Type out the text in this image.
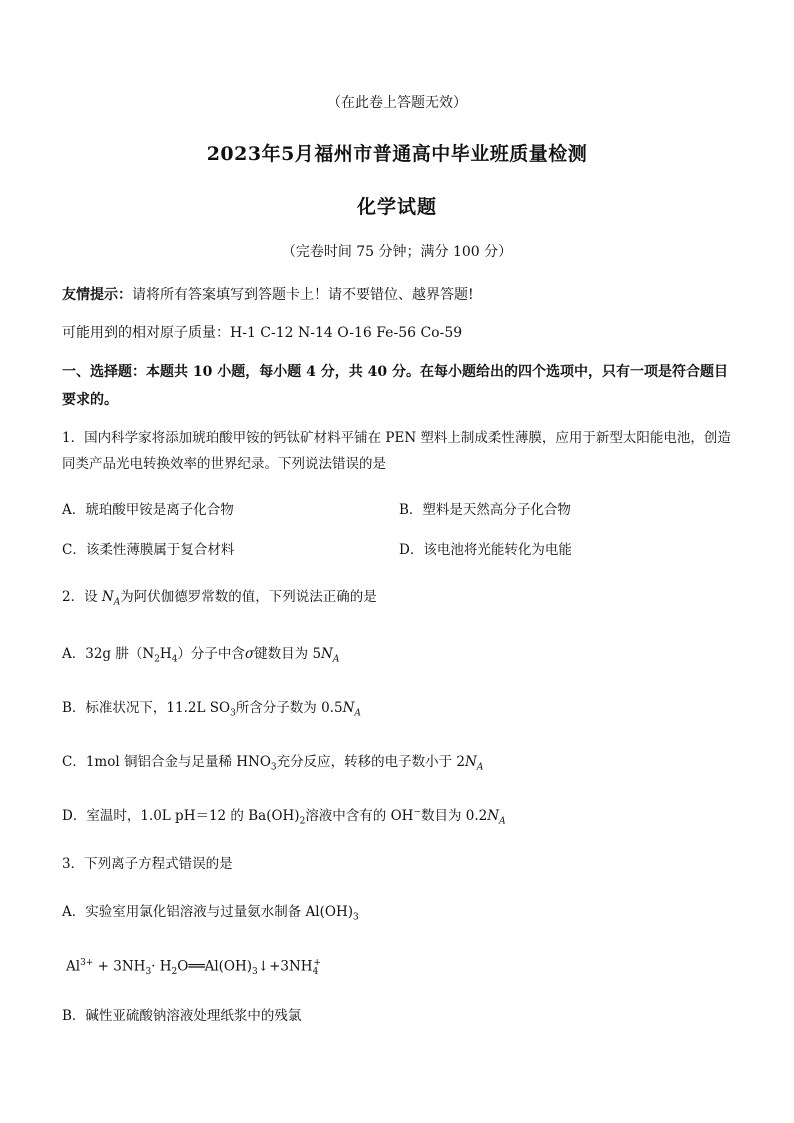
（在此卷上答题无效）
2023年5月福州市普通高中毕业班质量检测
化学试题
（完卷时间 75 分钟；满分 100 分）
友情提示：请将所有答案填写到答题卡上！请不要错位、越界答题!
可能用到的相对原子质量：H-1 C-12 N-14 O-16 Fe-56 Co-59
一、选择题：本题共 10 小题，每小题 4 分，共 40 分。在每小题给出的四个选项中，只有一项是符合题目要求的。
1．国内科学家将添加琥珀酸甲铵的钙钛矿材料平铺在 PEN 塑料上制成柔性薄膜，应用于新型太阳能电池，创造同类产品光电转换效率的世界纪录。下列说法错误的是
A．琥珀酸甲铵是离子化合物	B．塑料是天然高分子化合物
C．该柔性薄膜属于复合材料	D．该电池将光能转化为电能
2．设 $N_A$为阿伏伽德罗常数的值，下列说法正确的是
A．32g 肼$(N_2H_4)$分子中含σ键数目为 $5N_A$
B．标准状况下，11.2L $SO_3$所含分子数为 $0.5N_A$
C．1mol 铜铝合金与足量稀 $HNO_3$充分反应，转移的电子数小于 $2N_A$
D．室温时，1.0L pH＝12 的 $Ba(OH)_2$溶液中含有的 OH−数目为 $0.2N_A$
3．下列离子方程式错误的是
A．实验室用氯化铝溶液与过量氨水制备 $Al(OH)_3$
$Al^{3+} + 3NH_3\cdot$ $H_2O══Al(OH)_3↓+3NH_4^+$
B．碱性亚硫酸钠溶液处理纸浆中的残氯
